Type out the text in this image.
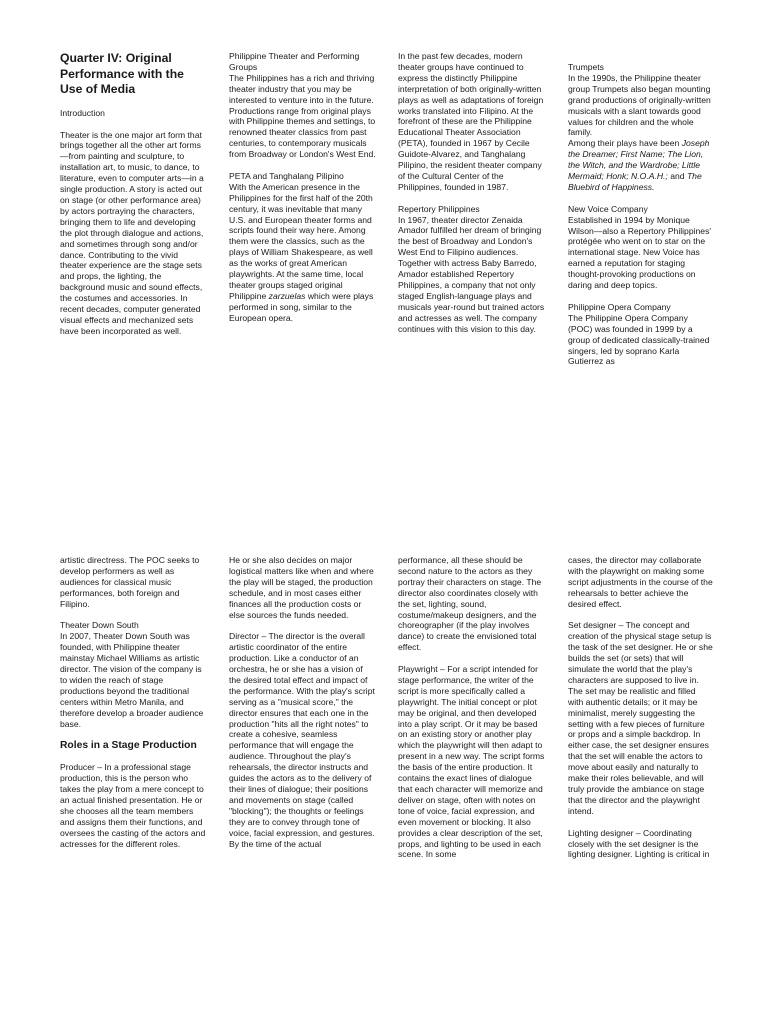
Quarter IV: Original Performance with the Use of Media

Introduction

Theater is the one major art form that brings together all the other art forms—from painting and sculpture, to installation art, to music, to dance, to literature, even to computer arts—in a single production. A story is acted out on stage (or other performance area) by actors portraying the characters, bringing them to life and developing the plot through dialogue and actions, and sometimes through song and/or dance. Contributing to the vivid theater experience are the stage sets and props, the lighting, the background music and sound effects, the costumes and accessories. In recent decades, computer generated visual effects and mechanized sets have been incorporated as well.

Philippine Theater and Performing Groups

The Philippines has a rich and thriving theater industry that you may be interested to venture into in the future. Productions range from original plays with Philippine themes and settings, to renowned theater classics from past centuries, to contemporary musicals from Broadway or London's West End.

PETA and Tanghalang Pilipino

With the American presence in the Philippines for the first half of the 20th century, it was inevitable that many U.S. and European theater forms and scripts found their way here. Among them were the classics, such as the plays of William Shakespeare, as well as the works of great American playwrights. At the same time, local theater groups staged original Philippine zarzuelas which were plays performed in song, similar to the European opera.

In the past few decades, modern theater groups have continued to express the distinctly Philippine interpretation of both originally-written plays as well as adaptations of foreign works translated into Filipino. At the forefront of these are the Philippine Educational Theater Association (PETA), founded in 1967 by Cecile Guidote-Alvarez, and Tanghalang Pilipino, the resident theater company of the Cultural Center of the Philippines, founded in 1987.

Repertory Philippines

In 1967, theater director Zenaida Amador fulfilled her dream of bringing the best of Broadway and London's West End to Filipino audiences. Together with actress Baby Barredo, Amador established Repertory Philippines, a company that not only staged English-language plays and musicals year-round but trained actors and actresses as well. The company continues with this vision to this day.

Trumpets

In the 1990s, the Philippine theater group Trumpets also began mounting grand productions of originally-written musicals with a slant towards good values for children and the whole family.

Among their plays have been Joseph the Dreamer; First Name; The Lion, the Witch, and the Wardrobe; Little Mermaid; Honk; N.O.A.H.; and The Bluebird of Happiness.

New Voice Company

Established in 1994 by Monique Wilson—also a Repertory Philippines' protégée who went on to star on the international stage. New Voice has earned a reputation for staging thought-provoking productions on daring and deep topics.

Philippine Opera Company

The Philippine Opera Company (POC) was founded in 1999 by a group of dedicated classically-trained singers, led by soprano Karla Gutierrez as

artistic directress. The POC seeks to develop performers as well as audiences for classical music performances, both foreign and Filipino.

Theater Down South

In 2007, Theater Down South was founded, with Philippine theater mainstay Michael Williams as artistic director. The vision of the company is to widen the reach of stage productions beyond the traditional centers within Metro Manila, and therefore develop a broader audience base.

Roles in a Stage Production

Producer – In a professional stage production, this is the person who takes the play from a mere concept to an actual finished presentation. He or she chooses all the team members and assigns them their functions, and oversees the casting of the actors and actresses for the different roles.

He or she also decides on major logistical matters like when and where the play will be staged, the production schedule, and in most cases either finances all the production costs or else sources the funds needed.

Director – The director is the overall artistic coordinator of the entire production. Like a conductor of an orchestra, he or she has a vision of the desired total effect and impact of the performance. With the play's script serving as a "musical score," the director ensures that each one in the production "hits all the right notes" to create a cohesive, seamless performance that will engage the audience. Throughout the play's rehearsals, the director instructs and guides the actors as to the delivery of their lines of dialogue; their positions and movements on stage (called "blocking"); the thoughts or feelings they are to convey through tone of voice, facial expression, and gestures. By the time of the actual

performance, all these should be second nature to the actors as they portray their characters on stage. The director also coordinates closely with the set, lighting, sound, costume/makeup designers, and the choreographer (if the play involves dance) to create the envisioned total effect.

Playwright – For a script intended for stage performance, the writer of the script is more specifically called a playwright. The initial concept or plot may be original, and then developed into a play script. Or it may be based on an existing story or another play which the playwright will then adapt to present in a new way. The script forms the basis of the entire production. It contains the exact lines of dialogue that each character will memorize and deliver on stage, often with notes on tone of voice, facial expression, and even movement or blocking. It also provides a clear description of the set, props, and lighting to be used in each scene. In some

cases, the director may collaborate with the playwright on making some script adjustments in the course of the rehearsals to better achieve the desired effect.

Set designer – The concept and creation of the physical stage setup is the task of the set designer. He or she builds the set (or sets) that will simulate the world that the play's characters are supposed to live in. The set may be realistic and filled with authentic details; or it may be minimalist, merely suggesting the setting with a few pieces of furniture or props and a simple backdrop. In either case, the set designer ensures that the set will enable the actors to move about easily and naturally to make their roles believable, and will truly provide the ambiance on stage that the director and the playwright intend.

Lighting designer – Coordinating closely with the set designer is the lighting designer. Lighting is critical in
